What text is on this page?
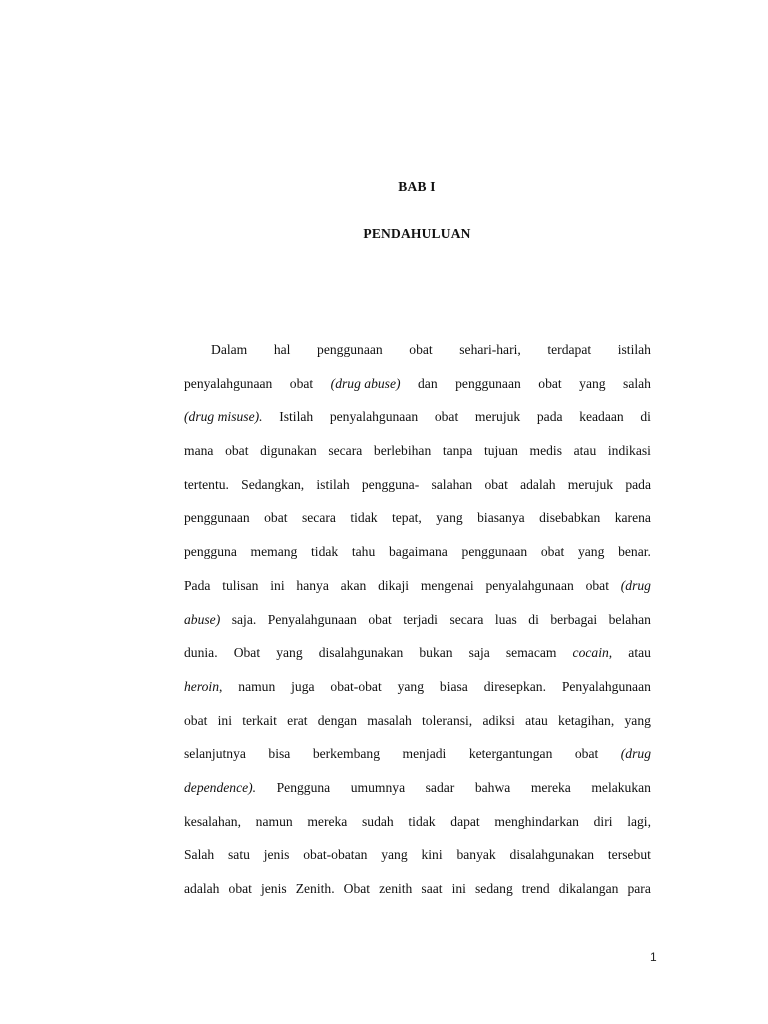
BAB I
PENDAHULUAN
Dalam hal penggunaan obat sehari-hari, terdapat istilah
penyalahgunaan obat (drug abuse) dan penggunaan obat yang salah
(drug misuse). Istilah penyalahgunaan obat merujuk pada keadaan di
mana obat digunakan secara berlebihan tanpa tujuan medis atau indikasi
tertentu. Sedangkan, istilah pengguna- salahan obat adalah merujuk pada
penggunaan obat secara tidak tepat, yang biasanya disebabkan karena
pengguna memang tidak tahu bagaimana penggunaan obat yang benar.
Pada tulisan ini hanya akan dikaji mengenai penyalahgunaan obat (drug
abuse) saja. Penyalahgunaan obat terjadi secara luas di berbagai belahan
dunia. Obat yang disalahgunakan bukan saja semacam cocain, atau
heroin, namun juga obat-obat yang biasa diresepkan. Penyalahgunaan
obat ini terkait erat dengan masalah toleransi, adiksi atau ketagihan, yang
selanjutnya bisa berkembang menjadi ketergantungan obat (drug
dependence). Pengguna umumnya sadar bahwa mereka melakukan
kesalahan, namun mereka sudah tidak dapat menghindarkan diri lagi,
Salah satu jenis obat-obatan yang kini banyak disalahgunakan tersebut
adalah obat jenis Zenith. Obat zenith saat ini sedang trend dikalangan para
1
